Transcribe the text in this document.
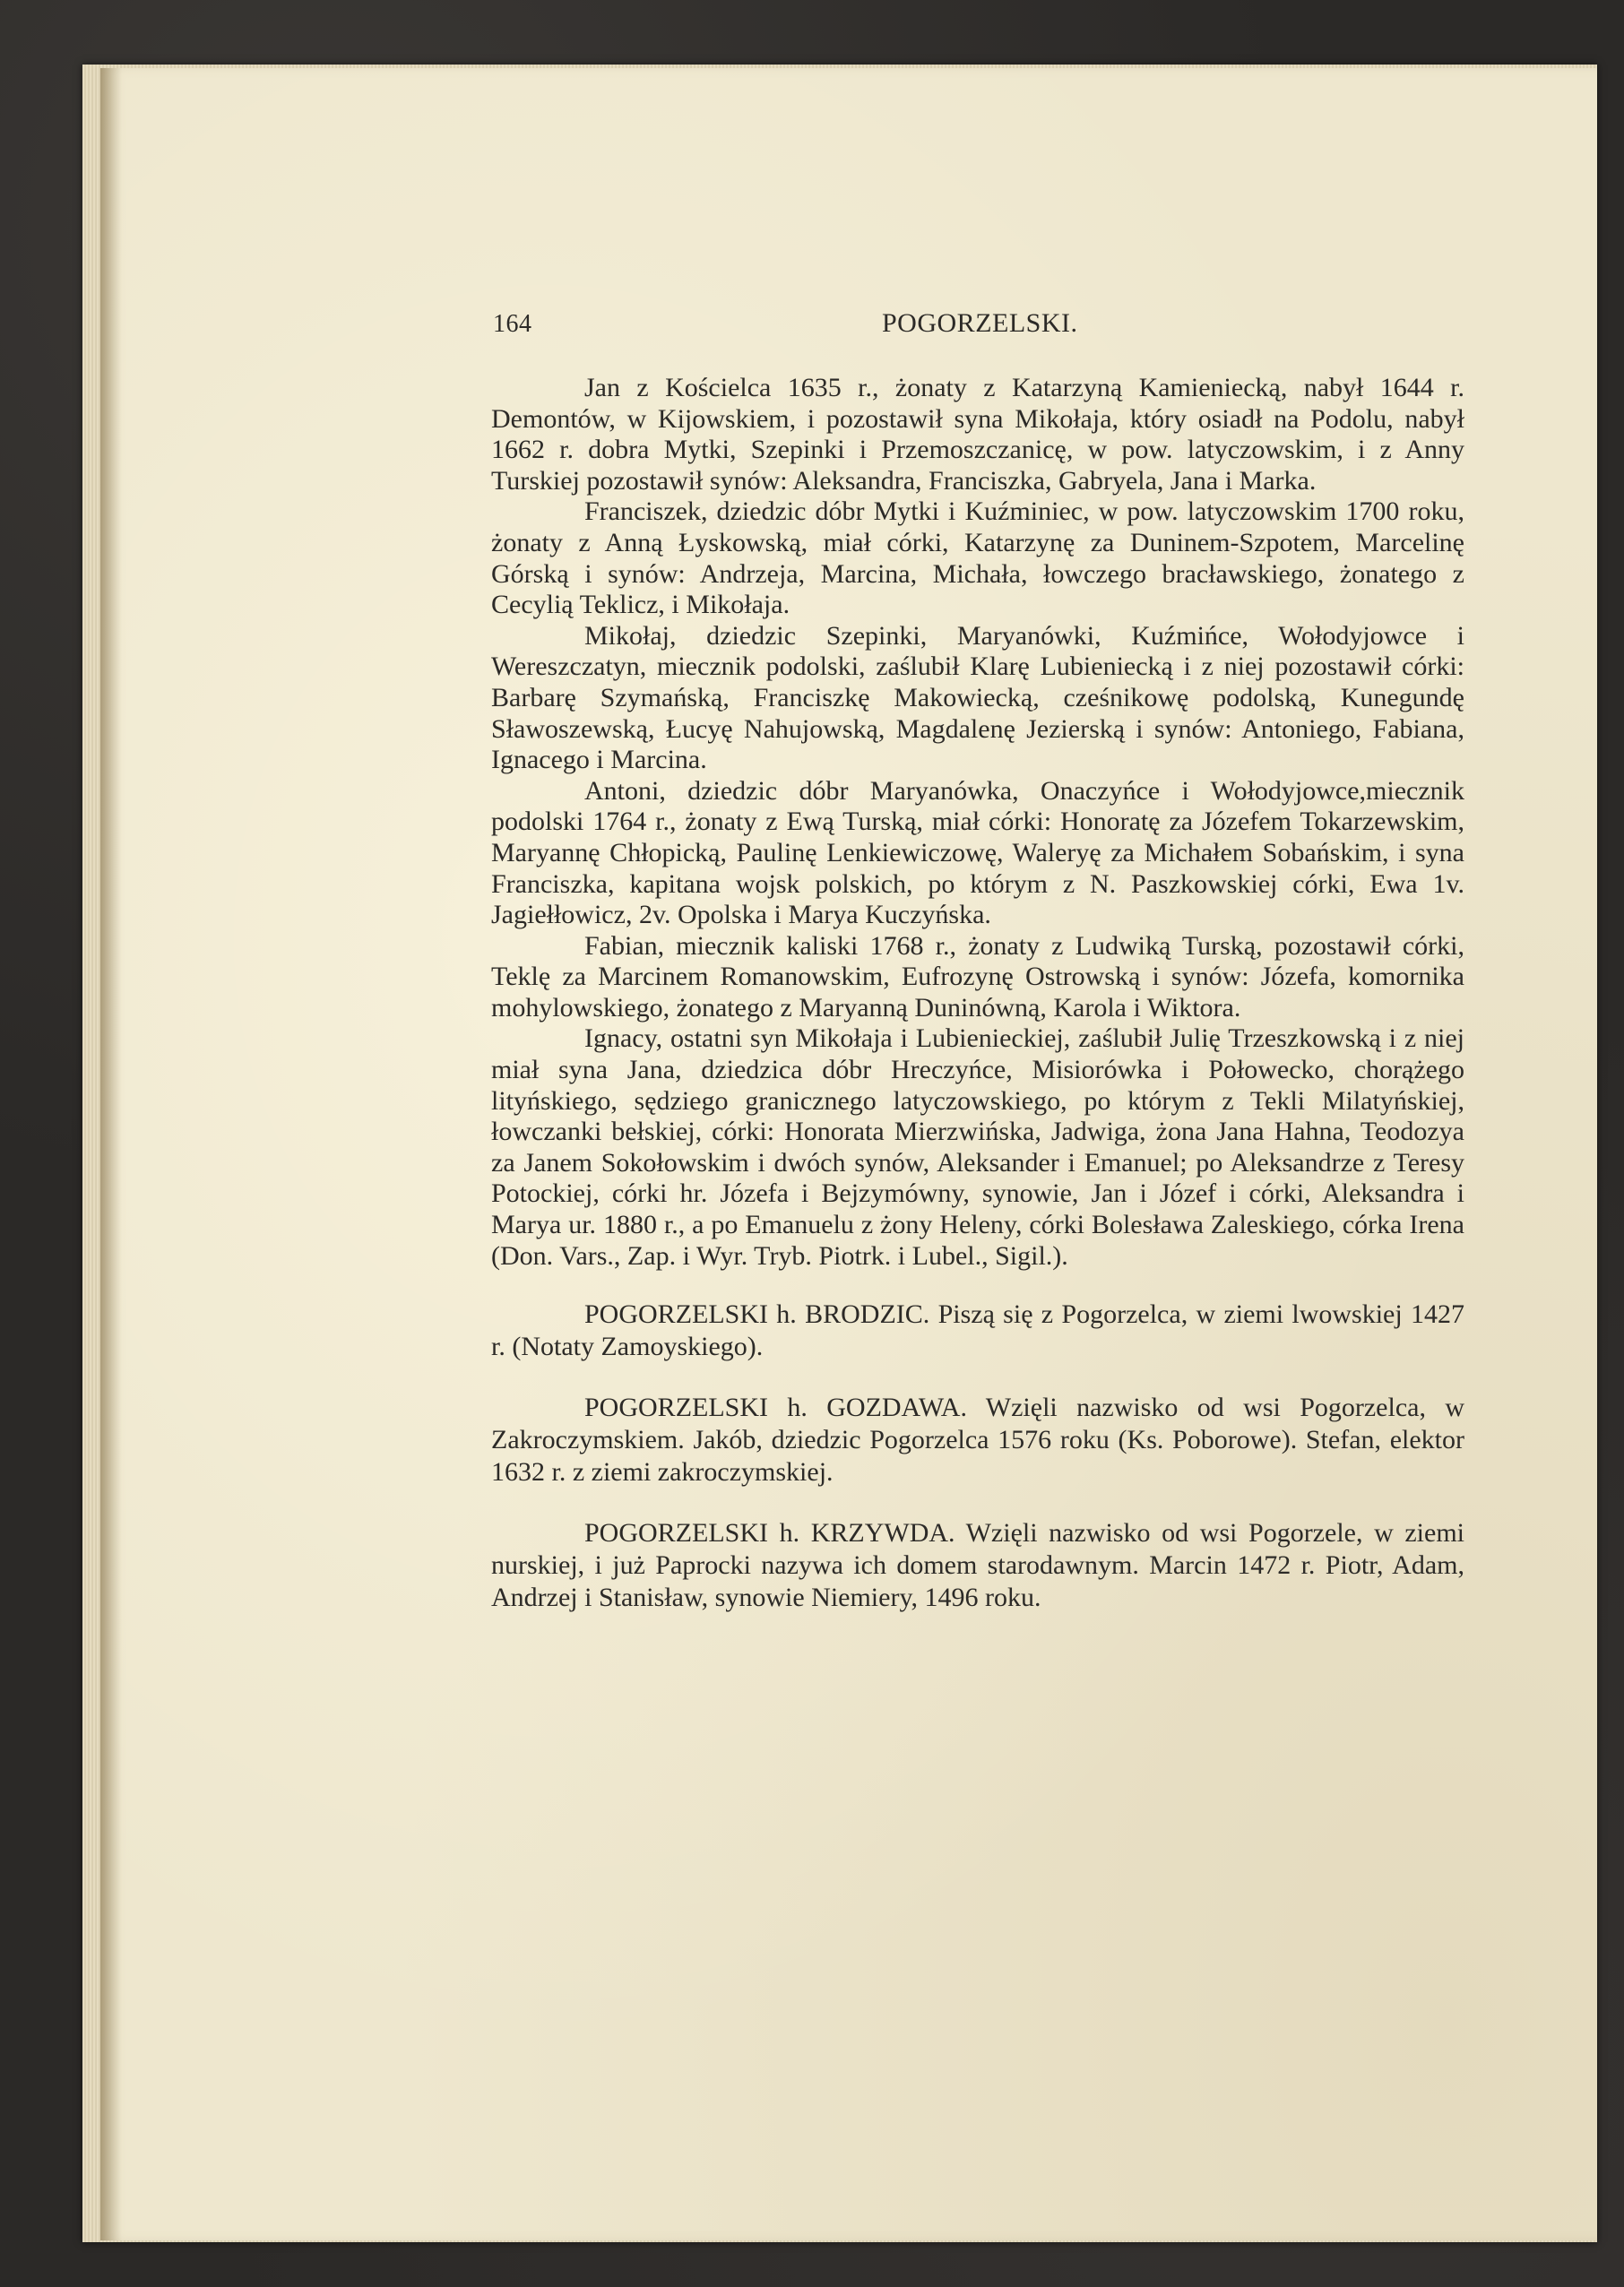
164	POGORZELSKI.

Jan z Kościelca 1635 r., żonaty z Katarzyną Kamieniecką, nabył 1644 r. Demontów, w Kijowskiem, i pozostawił syna Mikołaja, który osiadł na Podolu, nabył 1662 r. dobra Mytki, Szepinki i Przemoszczanicę, w pow. latyczowskim, i z Anny Turskiej pozostawił synów: Aleksandra, Franciszka, Gabryela, Jana i Marka.

Franciszek, dziedzic dóbr Mytki i Kuźminiec, w pow. latyczowskim 1700 roku, żonaty z Anną Łyskowską, miał córki, Katarzynę za Duninem-Szpotem, Marcelinę Górską i synów: Andrzeja, Marcina, Michała, łowczego bracławskiego, żonatego z Cecylią Teklicz, i Mikołaja.

Mikołaj, dziedzic Szepinki, Maryanówki, Kuźmińce, Wołodyjowce i Wereszczatyn, miecznik podolski, zaślubił Klarę Lubieniecką i z niej pozostawił córki: Barbarę Szymańską, Franciszkę Makowiecką, cześnikowę podolską, Kunegundę Sławoszewską, Łucyę Nahujowską, Magdalenę Jezierską i synów: Antoniego, Fabiana, Ignacego i Marcina.

Antoni, dziedzic dóbr Maryanówka, Onaczyńce i Wołodyjowce,miecznik podolski 1764 r., żonaty z Ewą Turską, miał córki: Honoratę za Józefem Tokarzewskim, Maryannę Chłopicką, Paulinę Lenkiewiczowę, Waleryę za Michałem Sobańskim, i syna Franciszka, kapitana wojsk polskich, po którym z N. Paszkowskiej córki, Ewa 1v. Jagiełłowicz, 2v. Opolska i Marya Kuczyńska.

Fabian, miecznik kaliski 1768 r., żonaty z Ludwiką Turską, pozostawił córki, Teklę za Marcinem Romanowskim, Eufrozynę Ostrowską i synów: Józefa, komornika mohylowskiego, żonatego z Maryanną Duninówną, Karola i Wiktora.

Ignacy, ostatni syn Mikołaja i Lubienieckiej, zaślubił Julię Trzeszkowską i z niej miał syna Jana, dziedzica dóbr Hreczyńce, Misiorówka i Połowecko, chorążego lityńskiego, sędziego granicznego latyczowskiego, po którym z Tekli Milatyńskiej, łowczanki bełskiej, córki: Honorata Mierzwińska, Jadwiga, żona Jana Hahna, Teodozya za Janem Sokołowskim i dwóch synów, Aleksander i Emanuel; po Aleksandrze z Teresy Potockiej, córki hr. Józefa i Bejzymówny, synowie, Jan i Józef i córki, Aleksandra i Marya ur. 1880 r., a po Emanuelu z żony Heleny, córki Bolesława Zaleskiego, córka Irena (Don. Vars., Zap. i Wyr. Tryb. Piotrk. i Lubel., Sigil.).

POGORZELSKI h. BRODZIC. Piszą się z Pogorzelca, w ziemi lwowskiej 1427 r. (Notaty Zamoyskiego).

POGORZELSKI h. GOZDAWA. Wzięli nazwisko od wsi Pogorzelca, w Zakroczymskiem. Jakób, dziedzic Pogorzelca 1576 roku (Ks. Poborowe). Stefan, elektor 1632 r. z ziemi zakroczymskiej.

POGORZELSKI h. KRZYWDA. Wzięli nazwisko od wsi Pogorzele, w ziemi nurskiej, i już Paprocki nazywa ich domem starodawnym. Marcin 1472 r. Piotr, Adam, Andrzej i Stanisław, synowie Niemiery, 1496 roku.
